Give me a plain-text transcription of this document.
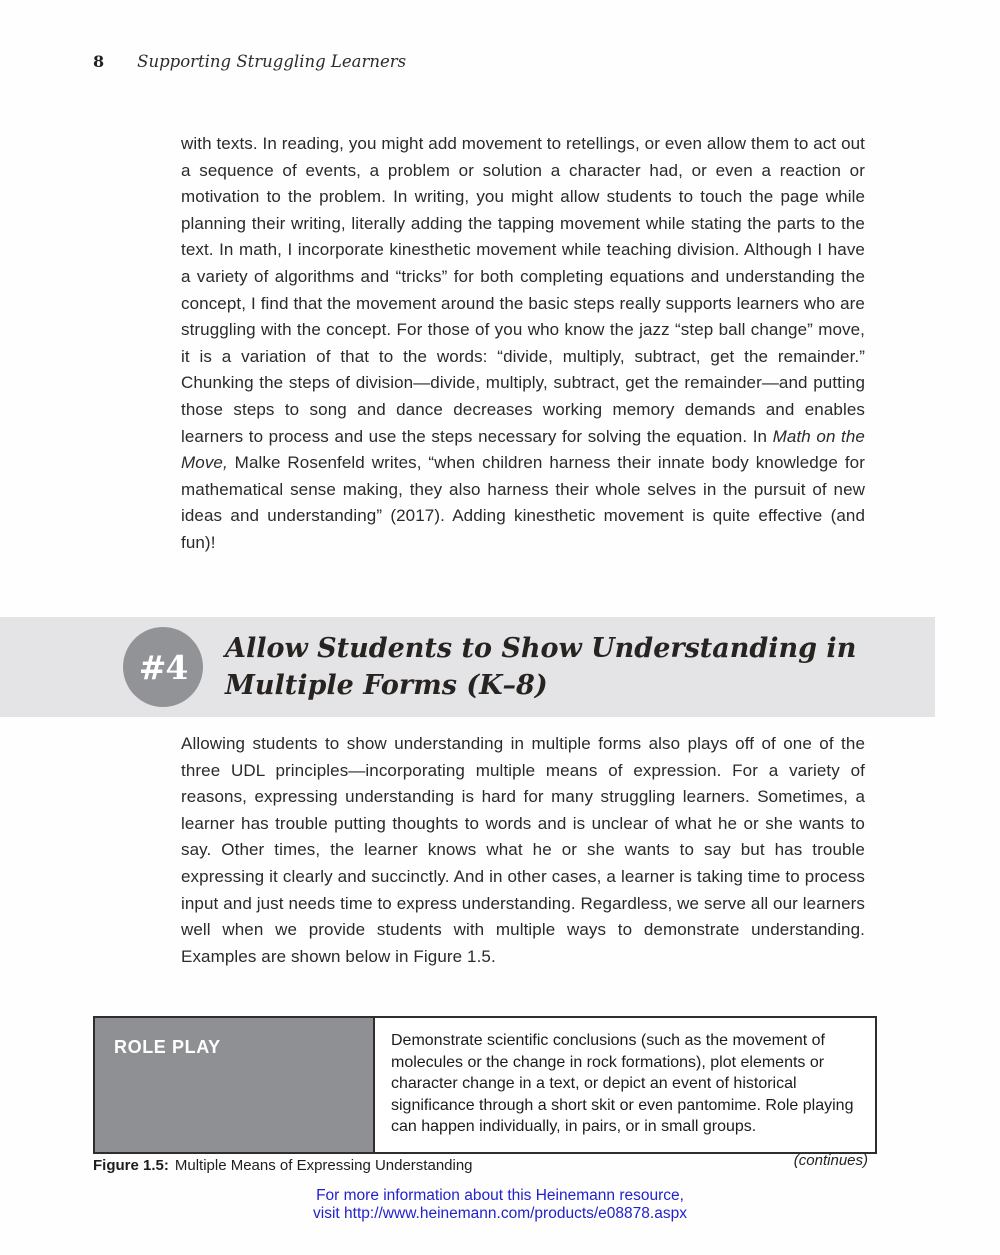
8 Supporting Struggling Learners

with texts. In reading, you might add movement to retellings, or even allow them to act out a sequence of events, a problem or solution a character had, or even a reaction or motivation to the problem. In writing, you might allow students to touch the page while planning their writing, literally adding the tapping movement while stating the parts to the text. In math, I incorporate kinesthetic movement while teaching division. Although I have a variety of algorithms and “tricks” for both completing equations and understanding the concept, I find that the movement around the basic steps really supports learners who are struggling with the concept. For those of you who know the jazz “step ball change” move, it is a variation of that to the words: “divide, multiply, subtract, get the remainder.” Chunking the steps of division—divide, multiply, subtract, get the remainder—and putting those steps to song and dance decreases working memory demands and enables learners to process and use the steps necessary for solving the equation. In Math on the Move, Malke Rosenfeld writes, “when children harness their innate body knowledge for mathematical sense making, they also harness their whole selves in the pursuit of new ideas and understanding” (2017). Adding kinesthetic movement is quite effective (and fun)!

#4 Allow Students to Show Understanding in
Multiple Forms (K–8)

Allowing students to show understanding in multiple forms also plays off of one of the three UDL principles—incorporating multiple means of expression. For a variety of reasons, expressing understanding is hard for many struggling learners. Sometimes, a learner has trouble putting thoughts to words and is unclear of what he or she wants to say. Other times, the learner knows what he or she wants to say but has trouble expressing it clearly and succinctly. And in other cases, a learner is taking time to process input and just needs time to express understanding. Regardless, we serve all our learners well when we provide students with multiple ways to demonstrate understanding. Examples are shown below in Figure 1.5.

ROLE PLAY	Demonstrate scientific conclusions (such as the movement of molecules or the change in rock formations), plot elements or character change in a text, or depict an event of historical significance through a short skit or even pantomime. Role playing can happen individually, in pairs, or in small groups.
Figure 1.5: Multiple Means of Expressing Understanding	(continues)
For more information about this Heinemann resource,
visit http://www.heinemann.com/products/e08878.aspx
